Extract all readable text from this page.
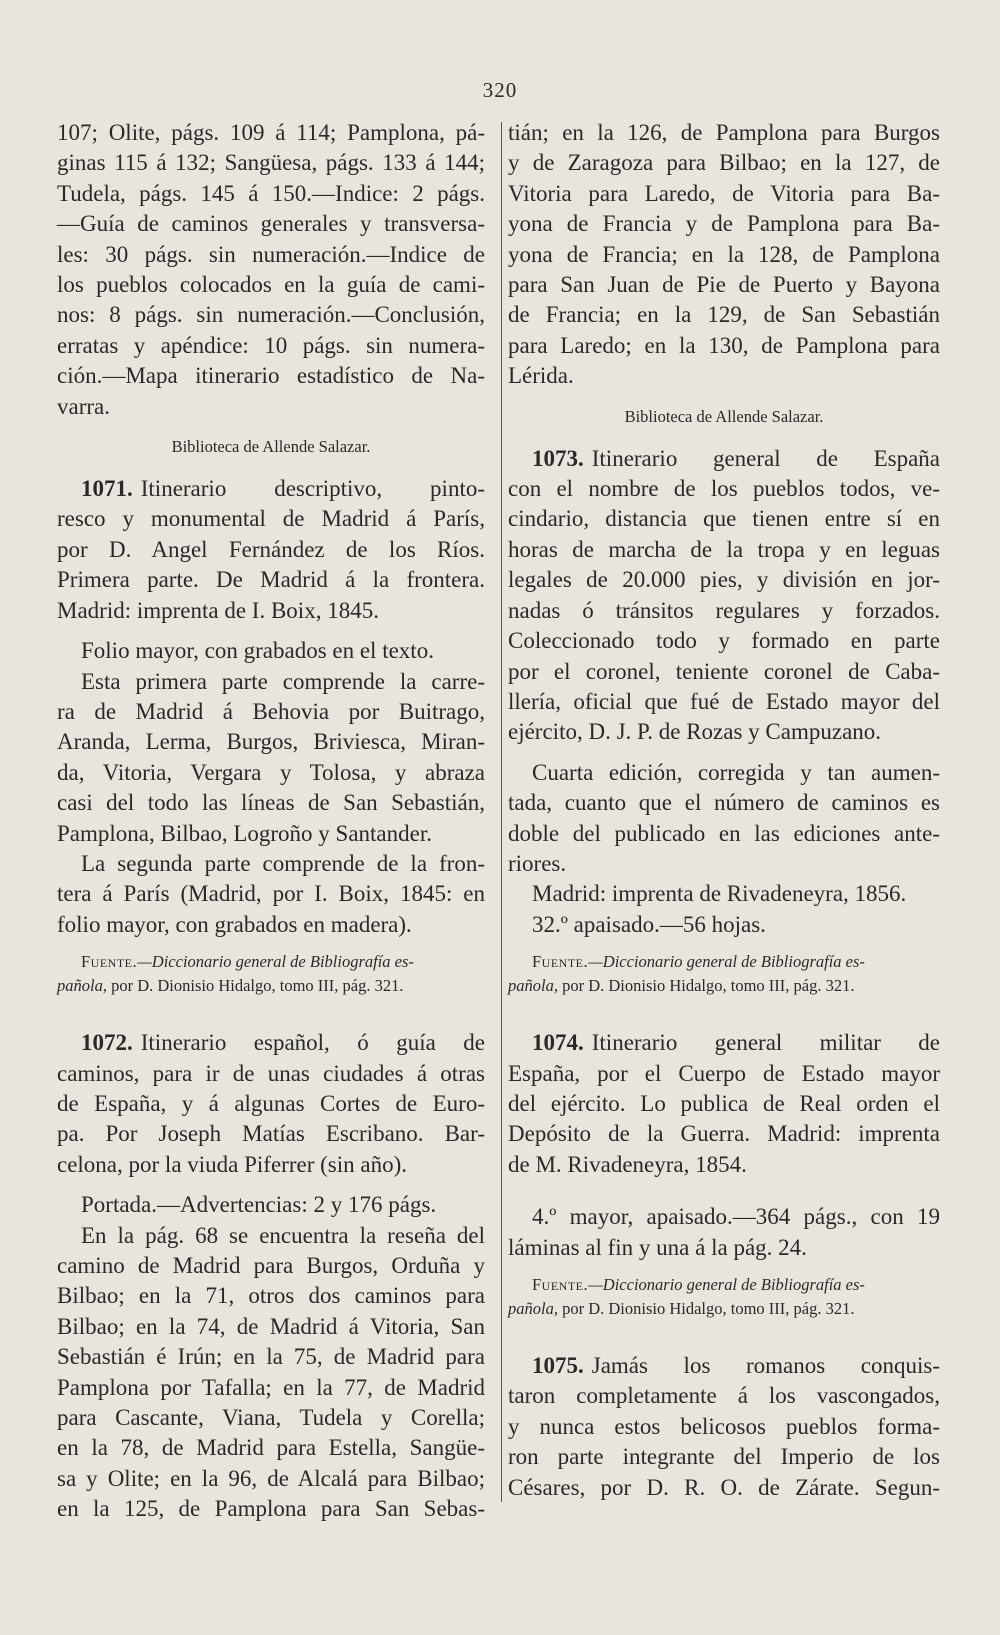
320
107; Olite, págs. 109 á 114; Pamplona, pá-
ginas 115 á 132; Sangüesa, págs. 133 á 144;
Tudela, págs. 145 á 150.—Indice: 2 págs.
—Guía de caminos generales y transversa-
les: 30 págs. sin numeración.—Indice de
los pueblos colocados en la guía de cami-
nos: 8 págs. sin numeración.—Conclusión,
erratas y apéndice: 10 págs. sin numera-
ción.—Mapa itinerario estadístico de Na-
varra.
Biblioteca de Allende Salazar.
1071. Itinerario descriptivo, pinto-
resco y monumental de Madrid á París,
por D. Angel Fernández de los Ríos.
Primera parte. De Madrid á la frontera.
Madrid: imprenta de I. Boix, 1845.

Folio mayor, con grabados en el texto.

Esta primera parte comprende la carre-
ra de Madrid á Behovia por Buitrago,
Aranda, Lerma, Burgos, Briviesca, Miran-
da, Vitoria, Vergara y Tolosa, y abraza
casi del todo las líneas de San Sebastián,
Pamplona, Bilbao, Logroño y Santander.
La segunda parte comprende de la fron-
tera á París (Madrid, por I. Boix, 1845: en
folio mayor, con grabados en madera).

Fuente.—Diccionario general de Bibliografía es-
pañola, por D. Dionisio Hidalgo, tomo III, pág. 321.

1072. Itinerario español, ó guía de
caminos, para ir de unas ciudades á otras
de España, y á algunas Cortes de Euro-
pa. Por Joseph Matías Escribano. Bar-
celona, por la viuda Piferrer (sin año).

Portada.—Advertencias: 2 y 176 págs.

En la pág. 68 se encuentra la reseña del
camino de Madrid para Burgos, Orduña y
Bilbao; en la 71, otros dos caminos para
Bilbao; en la 74, de Madrid á Vitoria, San
Sebastián é Irún; en la 75, de Madrid para
Pamplona por Tafalla; en la 77, de Madrid
para Cascante, Viana, Tudela y Corella;
en la 78, de Madrid para Estella, Sangüe-
sa y Olite; en la 96, de Alcalá para Bilbao;
en la 125, de Pamplona para San Sebas-
tián; en la 126, de Pamplona para Burgos
y de Zaragoza para Bilbao; en la 127, de
Vitoria para Laredo, de Vitoria para Ba-
yona de Francia y de Pamplona para Ba-
yona de Francia; en la 128, de Pamplona
para San Juan de Pie de Puerto y Bayona
de Francia; en la 129, de San Sebastián
para Laredo; en la 130, de Pamplona para
Lérida.
Biblioteca de Allende Salazar.
1073. Itinerario general de España
con el nombre de los pueblos todos, ve-
cindario, distancia que tienen entre sí en
horas de marcha de la tropa y en leguas
legales de 20.000 pies, y división en jor-
nadas ó tránsitos regulares y forzados.
Coleccionado todo y formado en parte
por el coronel, teniente coronel de Caba-
llería, oficial que fué de Estado mayor del
ejército, D. J. P. de Rozas y Campuzano.
Cuarta edición, corregida y tan aumen-
tada, cuanto que el número de caminos es
doble del publicado en las ediciones ante-
riores.

Madrid: imprenta de Rivadeneyra, 1856.

32.º apaisado.—56 hojas.

Fuente.—Diccionario general de Bibliografía es-
pañola, por D. Dionisio Hidalgo, tomo III, pág. 321.

1074. Itinerario general militar de
España, por el Cuerpo de Estado mayor
del ejército. Lo publica de Real orden el
Depósito de la Guerra. Madrid: imprenta
de M. Rivadeneyra, 1854.
4.º mayor, apaisado.—364 págs., con 19
láminas al fin y una á la pág. 24.

Fuente.—Diccionario general de Bibliografía es-
pañola, por D. Dionisio Hidalgo, tomo III, pág. 321.

1075. Jamás los romanos conquis-
taron completamente á los vascongados,
y nunca estos belicosos pueblos forma-
ron parte integrante del Imperio de los
Césares, por D. R. O. de Zárate. Segun-
